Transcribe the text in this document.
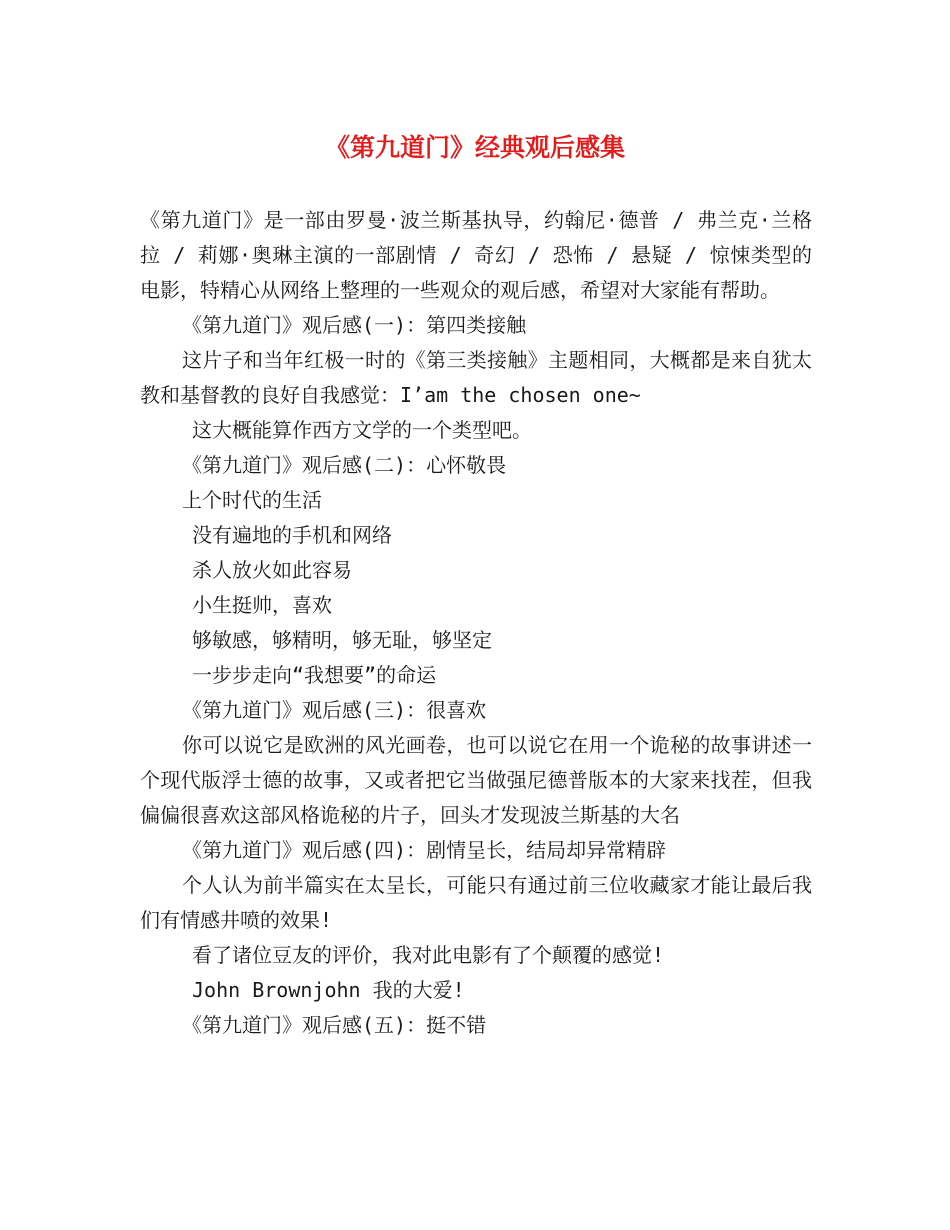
《第九道门》经典观后感集

《第九道门》是一部由罗曼·波兰斯基执导，约翰尼·德普 / 弗兰克·兰格拉 / 莉娜·奥琳主演的一部剧情 / 奇幻 / 恐怖 / 悬疑 / 惊悚类型的电影，特精心从网络上整理的一些观众的观后感，希望对大家能有帮助。

《第九道门》观后感(一)：第四类接触

这片子和当年红极一时的《第三类接触》主题相同，大概都是来自犹太教和基督教的良好自我感觉：I’am the chosen one~

这大概能算作西方文学的一个类型吧。

《第九道门》观后感(二)：心怀敬畏

上个时代的生活

没有遍地的手机和网络

杀人放火如此容易

小生挺帅，喜欢

够敏感，够精明，够无耻，够坚定

一步步走向“我想要”的命运

《第九道门》观后感(三)：很喜欢

你可以说它是欧洲的风光画卷，也可以说它在用一个诡秘的故事讲述一个现代版浮士德的故事，又或者把它当做强尼德普版本的大家来找茬，但我偏偏很喜欢这部风格诡秘的片子，回头才发现波兰斯基的大名

《第九道门》观后感(四)：剧情呈长，结局却异常精辟

个人认为前半篇实在太呈长，可能只有通过前三位收藏家才能让最后我们有情感井喷的效果!

看了诸位豆友的评价，我对此电影有了个颠覆的感觉!

John Brownjohn 我的大爱!

《第九道门》观后感(五)：挺不错
